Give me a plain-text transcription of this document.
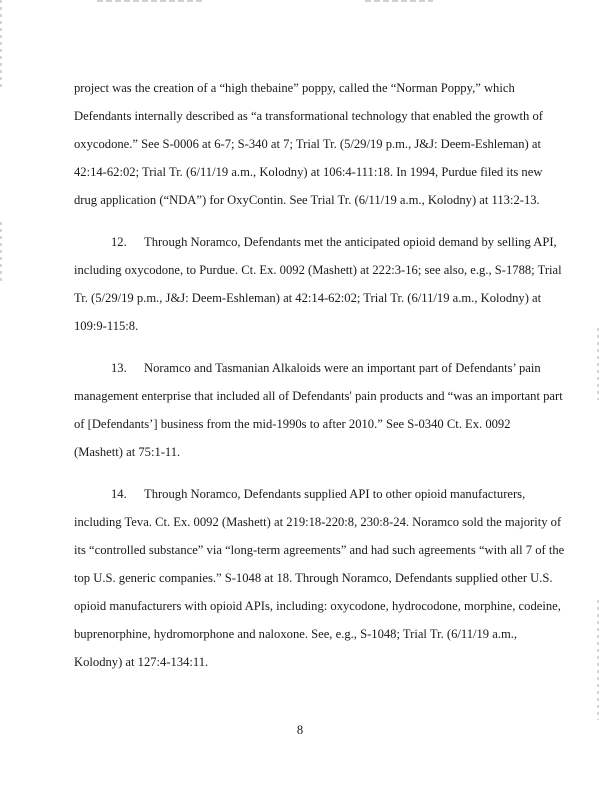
project was the creation of a “high thebaine” poppy, called the “Norman Poppy,” which
Defendants internally described as “a transformational technology that enabled the growth of
oxycodone.” See S-0006 at 6-7; S-340 at 7; Trial Tr. (5/29/19 p.m., J&J: Deem-Eshleman) at
42:14-62:02; Trial Tr. (6/11/19 a.m., Kolodny) at 106:4-111:18. In 1994, Purdue filed its new
drug application (“NDA”) for OxyContin. See Trial Tr. (6/11/19 a.m., Kolodny) at 113:2-13.
12. Through Noramco, Defendants met the anticipated opioid demand by selling API,
including oxycodone, to Purdue. Ct. Ex. 0092 (Mashett) at 222:3-16; see also, e.g., S-1788; Trial
Tr. (5/29/19 p.m., J&J: Deem-Eshleman) at 42:14-62:02; Trial Tr. (6/11/19 a.m., Kolodny) at
109:9-115:8.
13. Noramco and Tasmanian Alkaloids were an important part of Defendants’ pain
management enterprise that included all of Defendants' pain products and “was an important part
of [Defendants’] business from the mid-1990s to after 2010.” See S-0340 Ct. Ex. 0092
(Mashett) at 75:1-11.
14. Through Noramco, Defendants supplied API to other opioid manufacturers,
including Teva. Ct. Ex. 0092 (Mashett) at 219:18-220:8, 230:8-24. Noramco sold the majority of
its “controlled substance” via “long-term agreements” and had such agreements “with all 7 of the
top U.S. generic companies.” S-1048 at 18. Through Noramco, Defendants supplied other U.S.
opioid manufacturers with opioid APIs, including: oxycodone, hydrocodone, morphine, codeine,
buprenorphine, hydromorphone and naloxone. See, e.g., S-1048; Trial Tr. (6/11/19 a.m.,
Kolodny) at 127:4-134:11.
8
